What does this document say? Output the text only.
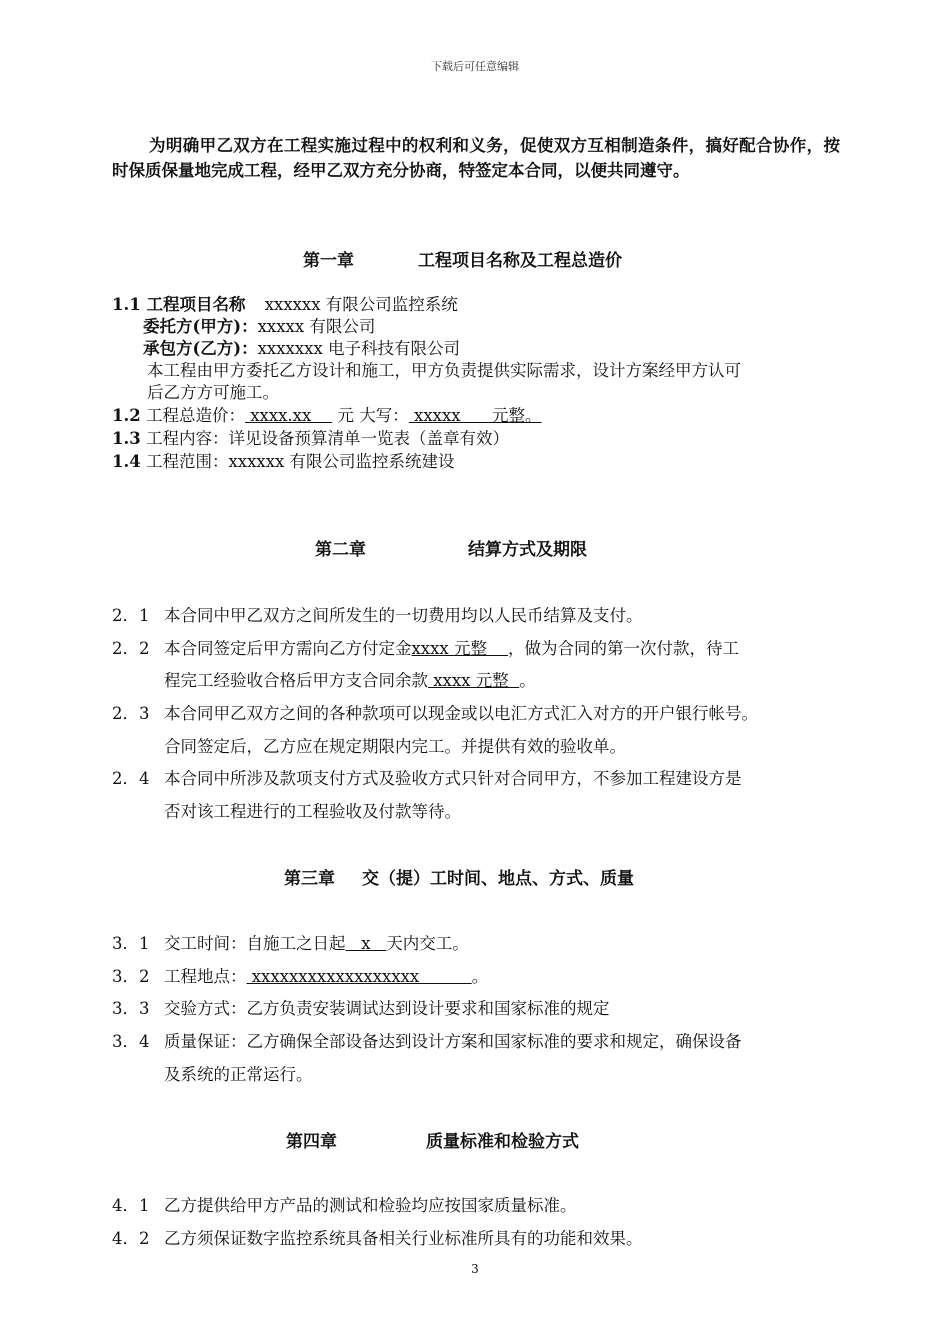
下载后可任意编辑

为明确甲乙双方在工程实施过程中的权利和义务，促使双方互相制造条件，搞好配合协作，按时保质保量地完成工程，经甲乙双方充分协商，特签定本合同，以便共同遵守。

第一章	工程项目名称及工程总造价
1.1 工程项目名称 xxxxxx 有限公司监控系统
委托方(甲方)：xxxxx 有限公司
承包方(乙方)：xxxxxxx 电子科技有限公司
本工程由甲方委托乙方设计和施工，甲方负责提供实际需求，设计方案经甲方认可
后乙方方可施工。
1.2 工程总造价： xxxx.xx     元 大写： xxxxx      元整。
1.3 工程内容：详见设备预算清单一览表（盖章有效）
1.4 工程范围：xxxxxx 有限公司监控系统建设
第二章	结算方式及期限
2．1 本合同中甲乙双方之间所发生的一切费用均以人民币结算及支付。
2．2 本合同签定后甲方需向乙方付定金xxxx 元整    ，做为合同的第一次付款，待工
程完工经验收合格后甲方支合同余款 xxxx 元整  。
2．3 本合同甲乙双方之间的各种款项可以现金或以电汇方式汇入对方的开户银行帐号。
合同签定后，乙方应在规定期限内完工。并提供有效的验收单。
2．4 本合同中所涉及款项支付方式及验收方式只针对合同甲方，不参加工程建设方是
否对该工程进行的工程验收及付款等待。
第三章 交（提）工时间、地点、方式、质量
3．1 交工时间：自施工之日起   x   天内交工。
3．2 工程地点： xxxxxxxxxxxxxxxxxx          。
3．3 交验方式：乙方负责安装调试达到设计要求和国家标准的规定
3．4 质量保证：乙方确保全部设备达到设计方案和国家标准的要求和规定，确保设备
及系统的正常运行。
第四章	质量标准和检验方式
4．1 乙方提供给甲方产品的测试和检验均应按国家质量标准。
4．2 乙方须保证数字监控系统具备相关行业标准所具有的功能和效果。
3
